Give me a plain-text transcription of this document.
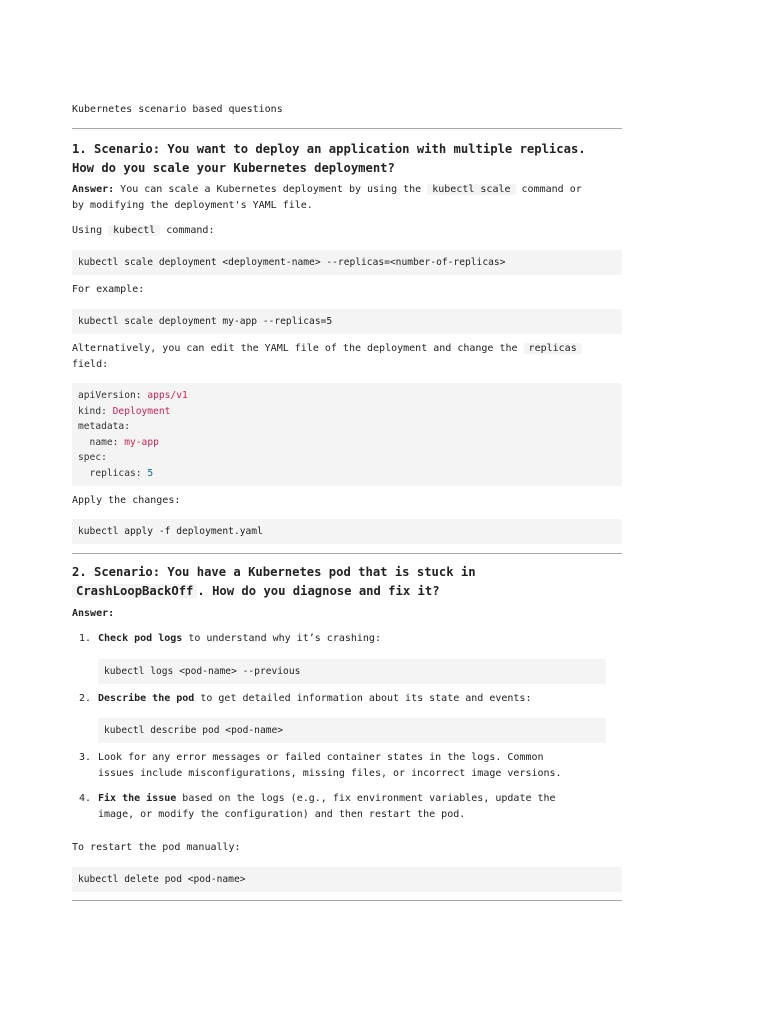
Kubernetes scenario based questions
1. Scenario: You want to deploy an application with multiple replicas.
How do you scale your Kubernetes deployment?
Answer: You can scale a Kubernetes deployment by using the kubectl scale command or
by modifying the deployment's YAML file.
Using kubectl command:
kubectl scale deployment <deployment-name> --replicas=<number-of-replicas>
For example:
kubectl scale deployment my-app --replicas=5
Alternatively, you can edit the YAML file of the deployment and change the replicas
field:
apiVersion: apps/v1
kind: Deployment
metadata:
name: my-app
spec:
replicas: 5
Apply the changes:
kubectl apply -f deployment.yaml
2. Scenario: You have a Kubernetes pod that is stuck in
CrashLoopBackOff . How do you diagnose and fix it?
Answer:
1. Check pod logs to understand why it’s crashing:
kubectl logs <pod-name> --previous
2. Describe the pod to get detailed information about its state and events:
kubectl describe pod <pod-name>
3. Look for any error messages or failed container states in the logs. Common
issues include misconfigurations, missing files, or incorrect image versions.
4. Fix the issue based on the logs (e.g., fix environment variables, update the
image, or modify the configuration) and then restart the pod.
To restart the pod manually:
kubectl delete pod <pod-name>
